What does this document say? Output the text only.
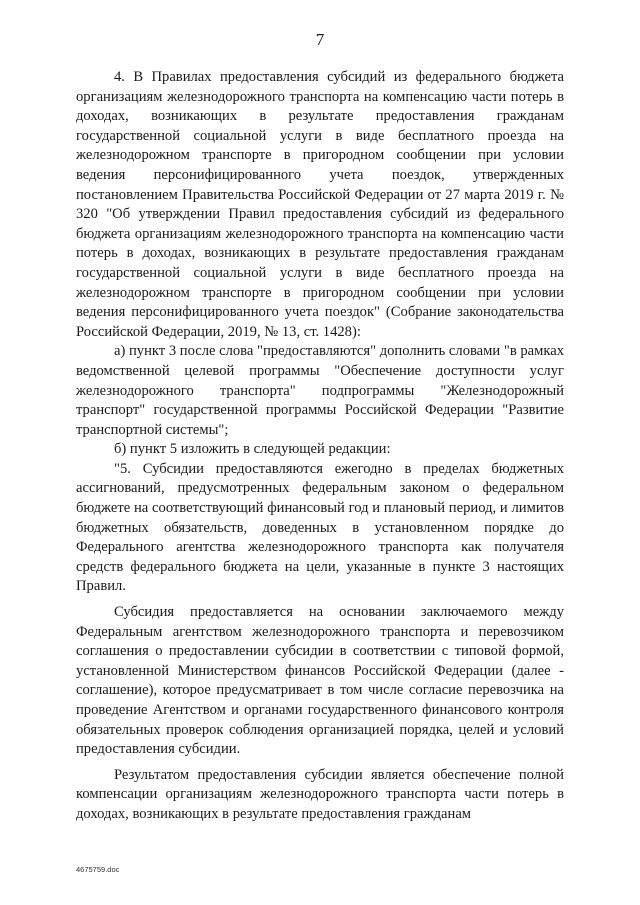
7

4. В Правилах предоставления субсидий из федерального бюджета организациям железнодорожного транспорта на компенсацию части потерь в доходах, возникающих в результате предоставления гражданам государственной социальной услуги в виде бесплатного проезда на железнодорожном транспорте в пригородном сообщении при условии ведения персонифицированного учета поездок, утвержденных постановлением Правительства Российской Федерации от 27 марта 2019 г. № 320 "Об утверждении Правил предоставления субсидий из федерального бюджета организациям железнодорожного транспорта на компенсацию части потерь в доходах, возникающих в результате предоставления гражданам государственной социальной услуги в виде бесплатного проезда на железнодорожном транспорте в пригородном сообщении при условии ведения персонифицированного учета поездок" (Собрание законодательства Российской Федерации, 2019, № 13, ст. 1428):

а) пункт 3 после слова "предоставляются" дополнить словами "в рамках ведомственной целевой программы "Обеспечение доступности услуг железнодорожного транспорта" подпрограммы "Железнодорожный транспорт" государственной программы Российской Федерации "Развитие транспортной системы";

б) пункт 5 изложить в следующей редакции:

"5. Субсидии предоставляются ежегодно в пределах бюджетных ассигнований, предусмотренных федеральным законом о федеральном бюджете на соответствующий финансовый год и плановый период, и лимитов бюджетных обязательств, доведенных в установленном порядке до Федерального агентства железнодорожного транспорта как получателя средств федерального бюджета на цели, указанные в пункте 3 настоящих Правил.

Субсидия предоставляется на основании заключаемого между Федеральным агентством железнодорожного транспорта и перевозчиком соглашения о предоставлении субсидии в соответствии с типовой формой, установленной Министерством финансов Российской Федерации (далее - соглашение), которое предусматривает в том числе согласие перевозчика на проведение Агентством и органами государственного финансового контроля обязательных проверок соблюдения организацией порядка, целей и условий предоставления субсидии.

Результатом предоставления субсидии является обеспечение полной компенсации организациям железнодорожного транспорта части потерь в доходах, возникающих в результате предоставления гражданам

4675759.doc
